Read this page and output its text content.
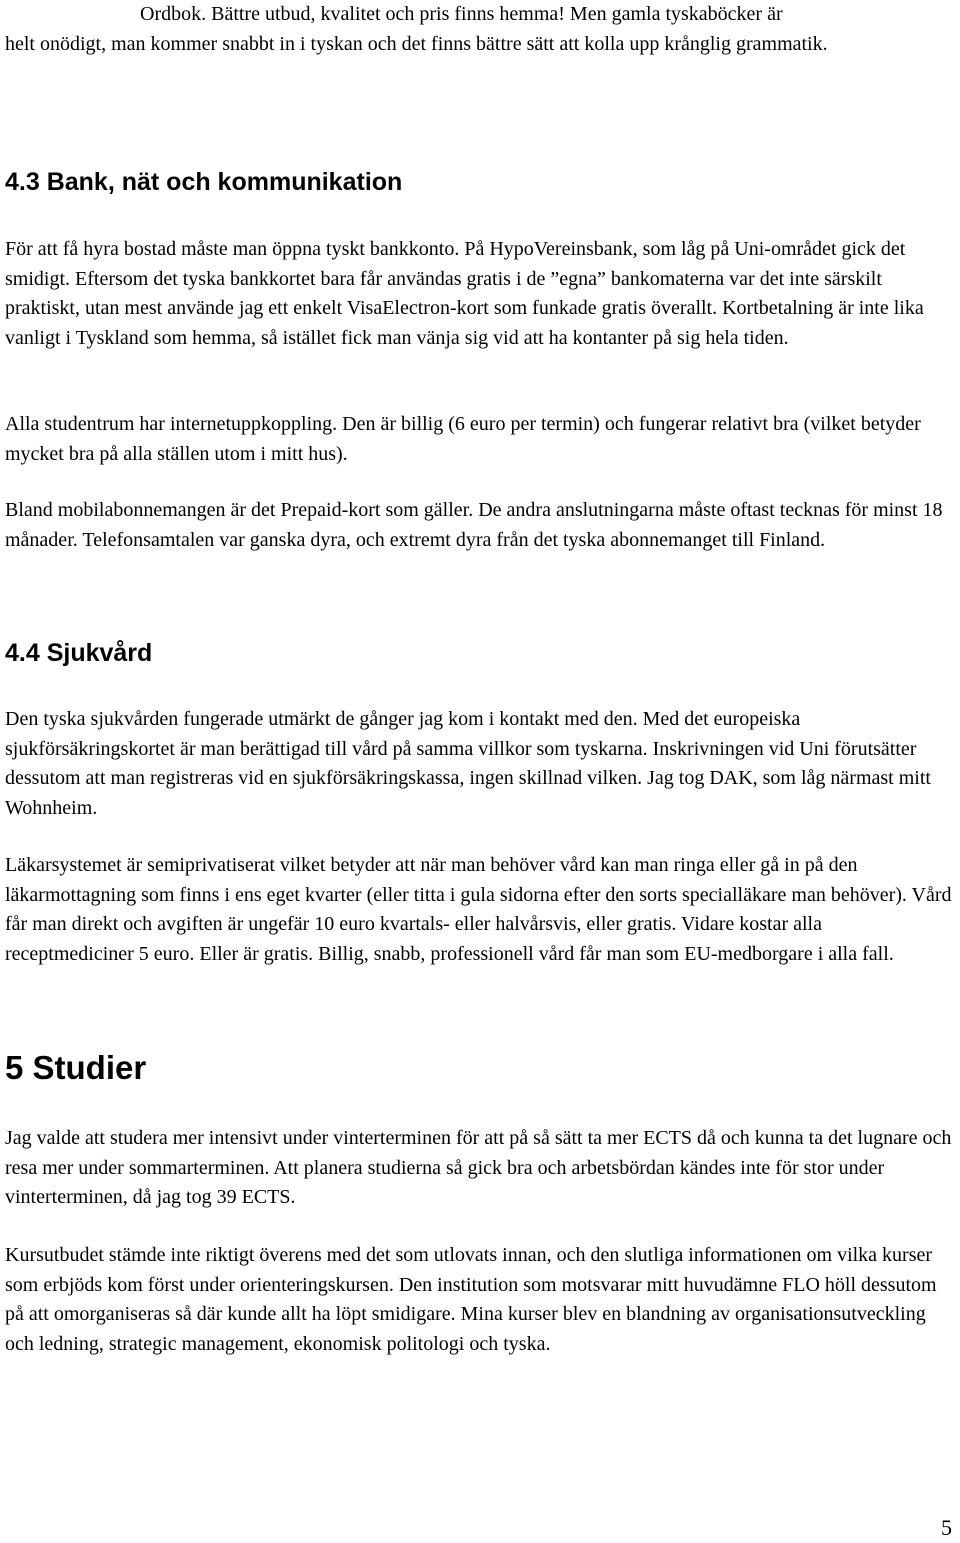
Ordbok. Bättre utbud, kvalitet och pris finns hemma! Men gamla tyskaböcker är

helt onödigt, man kommer snabbt in i tyskan och det finns bättre sätt att kolla upp krånglig grammatik.

4.3 Bank, nät och kommunikation

För att få hyra bostad måste man öppna tyskt bankkonto. På HypoVereinsbank, som låg på Uni-området gick det smidigt. Eftersom det tyska bankkortet bara får användas gratis i de ”egna” bankomaterna var det inte särskilt praktiskt, utan mest använde jag ett enkelt VisaElectron-kort som funkade gratis överallt. Kortbetalning är inte lika vanligt i Tyskland som hemma, så istället fick man vänja sig vid att ha kontanter på sig hela tiden.

Alla studentrum har internetuppkoppling. Den är billig (6 euro per termin) och fungerar relativt bra (vilket betyder mycket bra på alla ställen utom i mitt hus).

Bland mobilabonnemangen är det Prepaid-kort som gäller. De andra anslutningarna måste oftast tecknas för minst 18 månader. Telefonsamtalen var ganska dyra, och extremt dyra från det tyska abonnemanget till Finland.

4.4 Sjukvård

Den tyska sjukvården fungerade utmärkt de gånger jag kom i kontakt med den. Med det europeiska sjukförsäkringskortet är man berättigad till vård på samma villkor som tyskarna. Inskrivningen vid Uni förutsätter dessutom att man registreras vid en sjukförsäkringskassa, ingen skillnad vilken. Jag tog DAK, som låg närmast mitt Wohnheim.

Läkarsystemet är semiprivatiserat vilket betyder att när man behöver vård kan man ringa eller gå in på den läkarmottagning som finns i ens eget kvarter (eller titta i gula sidorna efter den sorts specialläkare man behöver). Vård får man direkt och avgiften är ungefär 10 euro kvartals- eller halvårsvis, eller gratis. Vidare kostar alla receptmediciner 5 euro. Eller är gratis. Billig, snabb, professionell vård får man som EU-medborgare i alla fall.

5 Studier

Jag valde att studera mer intensivt under vinterterminen för att på så sätt ta mer ECTS då och kunna ta det lugnare och resa mer under sommarterminen. Att planera studierna så gick bra och arbetsbördan kändes inte för stor under vinterterminen, då jag tog 39 ECTS.

Kursutbudet stämde inte riktigt överens med det som utlovats innan, och den slutliga informationen om vilka kurser som erbjöds kom först under orienteringskursen. Den institution som motsvarar mitt huvudämne FLO höll dessutom på att omorganiseras så där kunde allt ha löpt smidigare. Mina kurser blev en blandning av organisationsutveckling och ledning, strategic management, ekonomisk politologi och tyska.

5
